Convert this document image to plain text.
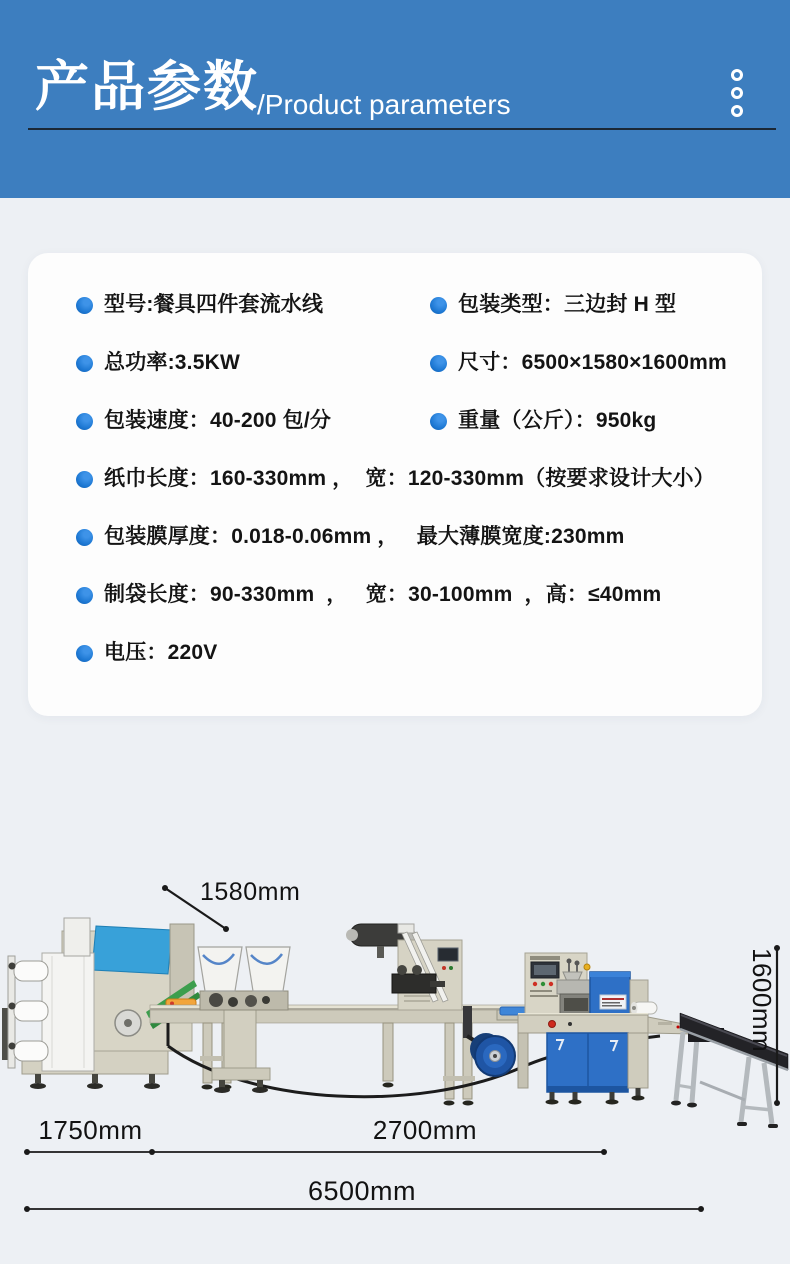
产品参数
/Product parameters
型号:餐具四件套流水线	包装类型：三边封 H 型
总功率:3.5KW	尺寸：6500×1580×1600mm
包装速度：40-200 包/分	重量（公斤）：950kg
纸巾长度：160-330mm ，  宽：120-330mm（按要求设计大小）
包装膜厚度：0.018-0.06mm ，   最大薄膜宽度:230mm
制袋长度：90-330mm  ，   宽：30-100mm  ，高：≤40mm
电压：220V
1580mm
1600mm
1750mm	2700mm
6500mm
